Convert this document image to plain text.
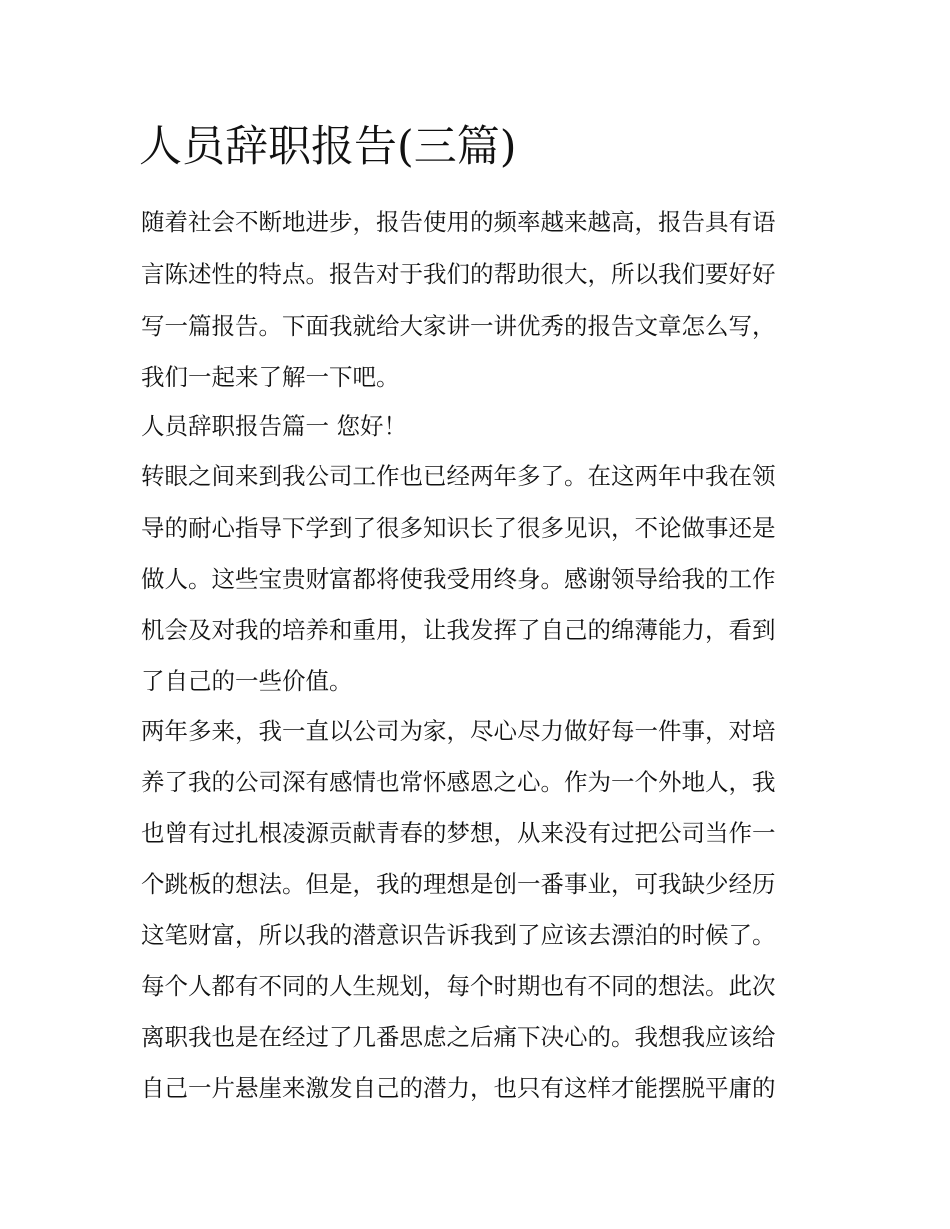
人员辞职报告(三篇)
随着社会不断地进步，报告使用的频率越来越高，报告具有语
言陈述性的特点。报告对于我们的帮助很大，所以我们要好好
写一篇报告。下面我就给大家讲一讲优秀的报告文章怎么写，
我们一起来了解一下吧。
人员辞职报告篇一 您好！
转眼之间来到我公司工作也已经两年多了。在这两年中我在领
导的耐心指导下学到了很多知识长了很多见识，不论做事还是
做人。这些宝贵财富都将使我受用终身。感谢领导给我的工作
机会及对我的培养和重用，让我发挥了自己的绵薄能力，看到
了自己的一些价值。
两年多来，我一直以公司为家，尽心尽力做好每一件事，对培
养了我的公司深有感情也常怀感恩之心。作为一个外地人，我
也曾有过扎根凌源贡献青春的梦想，从来没有过把公司当作一
个跳板的想法。但是，我的理想是创一番事业，可我缺少经历
这笔财富，所以我的潜意识告诉我到了应该去漂泊的时候了。
每个人都有不同的人生规划，每个时期也有不同的想法。此次
离职我也是在经过了几番思虑之后痛下决心的。我想我应该给
自己一片悬崖来激发自己的潜力，也只有这样才能摆脱平庸的
